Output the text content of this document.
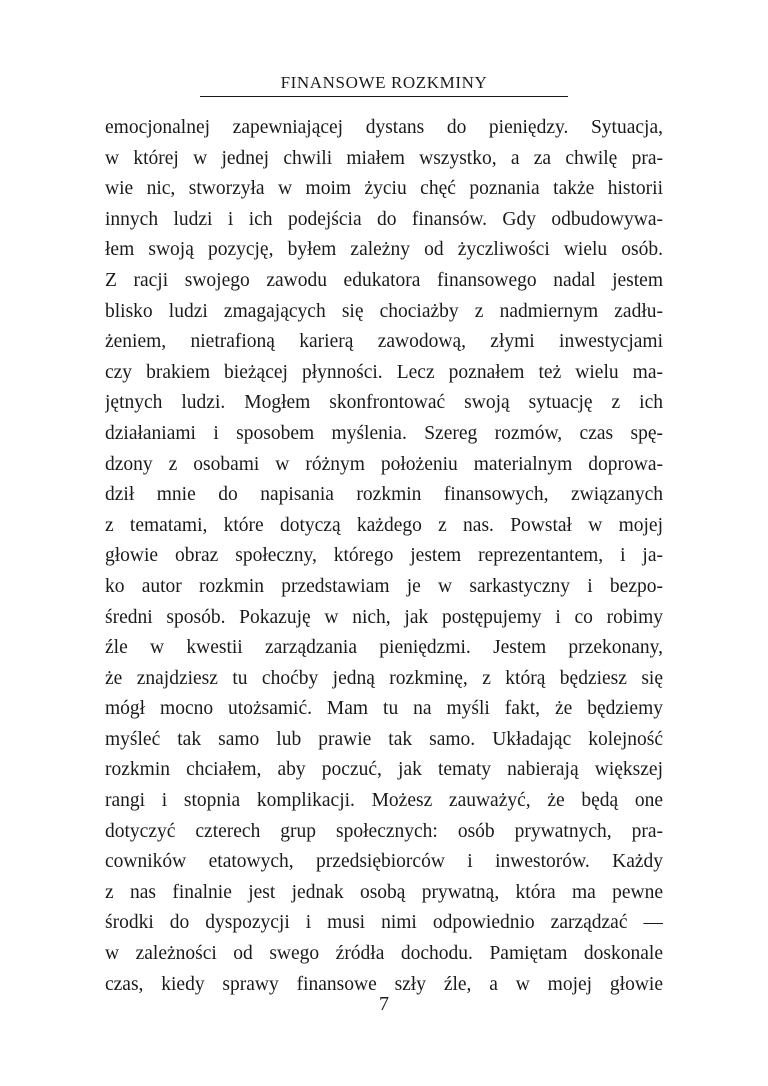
FINANSOWE ROZKMINY
emocjonalnej zapewniającej dystans do pieniędzy. Sytuacja,
w której w jednej chwili miałem wszystko, a za chwilę pra-
wie nic, stworzyła w moim życiu chęć poznania także historii
innych ludzi i ich podejścia do finansów. Gdy odbudowywa-
łem swoją pozycję, byłem zależny od życzliwości wielu osób.
Z racji swojego zawodu edukatora finansowego nadal jestem
blisko ludzi zmagających się chociażby z nadmiernym zadłu-
żeniem, nietrafioną karierą zawodową, złymi inwestycjami
czy brakiem bieżącej płynności. Lecz poznałem też wielu ma-
jętnych ludzi. Mogłem skonfrontować swoją sytuację z ich
działaniami i sposobem myślenia. Szereg rozmów, czas spę-
dzony z osobami w różnym położeniu materialnym doprowa-
dził mnie do napisania rozkmin finansowych, związanych
z tematami, które dotyczą każdego z nas. Powstał w mojej
głowie obraz społeczny, którego jestem reprezentantem, i ja-
ko autor rozkmin przedstawiam je w sarkastyczny i bezpo-
średni sposób. Pokazuję w nich, jak postępujemy i co robimy
źle w kwestii zarządzania pieniędzmi. Jestem przekonany,
że znajdziesz tu choćby jedną rozkminę, z którą będziesz się
mógł mocno utożsamić. Mam tu na myśli fakt, że będziemy
myśleć tak samo lub prawie tak samo. Układając kolejność
rozkmin chciałem, aby poczuć, jak tematy nabierają większej
rangi i stopnia komplikacji. Możesz zauważyć, że będą one
dotyczyć czterech grup społecznych: osób prywatnych, pra-
cowników etatowych, przedsiębiorców i inwestorów. Każdy
z nas finalnie jest jednak osobą prywatną, która ma pewne
środki do dyspozycji i musi nimi odpowiednio zarządzać —
w zależności od swego źródła dochodu. Pamiętam doskonale
czas, kiedy sprawy finansowe szły źle, a w mojej głowie
7
